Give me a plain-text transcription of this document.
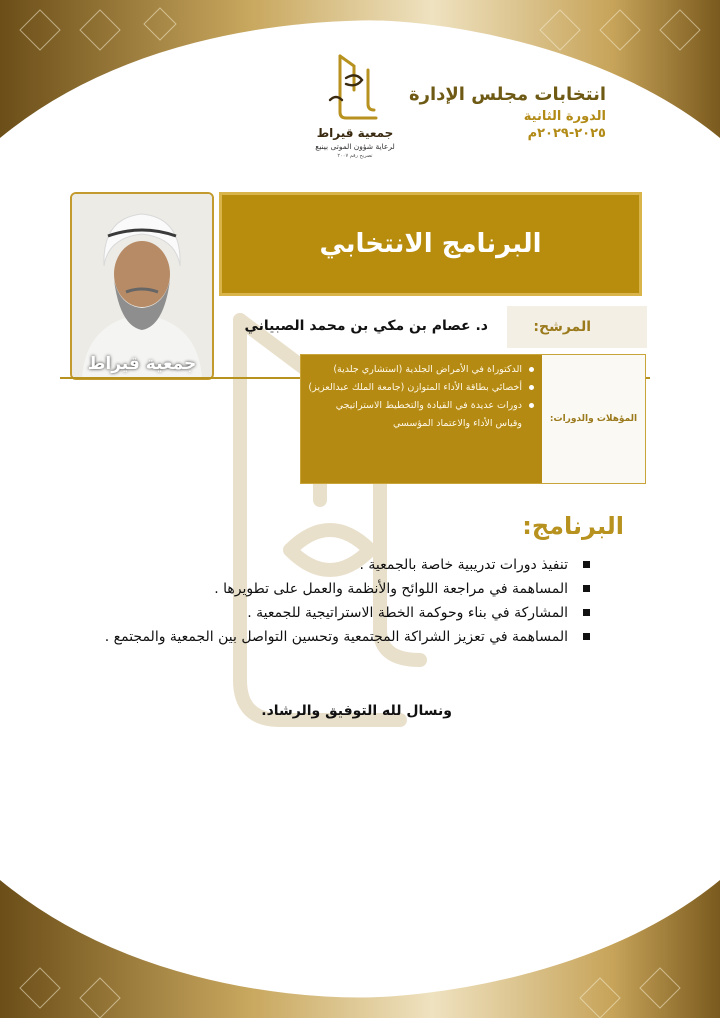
جمعية قيراط
لرعاية شؤون الموتى بينبع
تصريح رقم ٢٠٠٧
انتخابات مجلس الإدارة
الدورة الثانية
٢٠٢٥-٢٠٢٩م
جمعية قيراط
البرنامج الانتخابي
المرشح:
د. عصام بن مكي بن محمد الصبياني
الدكتوراة في الأمراض الجلدية (استشاري جلدية)
أخصائي بطاقة الأداء المتوازن (جامعة الملك عبدالعزيز)
دورات عديدة في القيادة والتخطيط الاستراتيجي وقياس الأداء والاعتماد المؤسسي	المؤهلات والدورات:
البرنامج:
تنفيذ دورات تدريبية خاصة بالجمعية .
المساهمة في مراجعة اللوائح والأنظمة والعمل على تطويرها .
المشاركة في بناء وحوكمة الخطة الاستراتيجية للجمعية .
المساهمة في تعزيز الشراكة المجتمعية وتحسين التواصل بين الجمعية والمجتمع .
ونسال لله التوفيق والرشاد.
